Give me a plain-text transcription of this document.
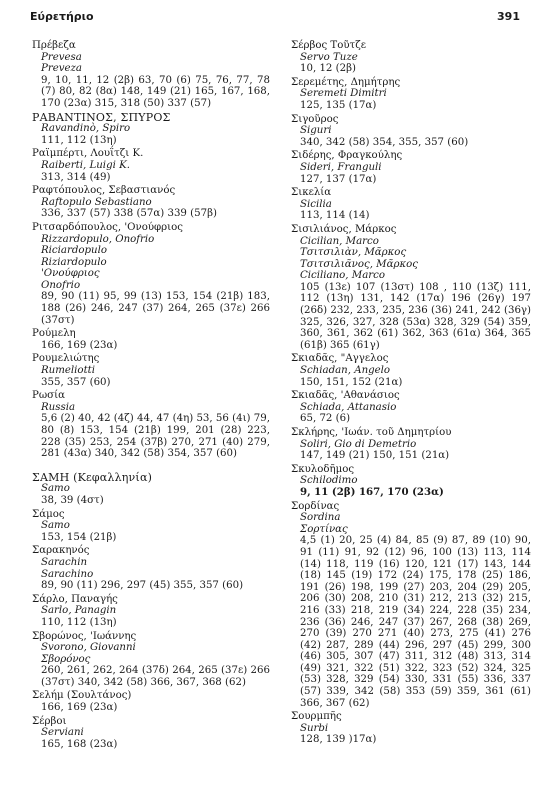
Εύρετήριο	391
Πρέβεζα
Prevesa
Preveza
9, 10, 11, 12 (2β) 63, 70 (6) 75, 76, 77, 78 (7) 80, 82 (8α) 148, 149 (21) 165, 167, 168, 170 (23α) 315, 318 (50) 337 (57)
ΡΑΒΑΝΤΙΝΟΣ, ΣΠΥΡΟΣ
Ravandinò, Spiro
111, 112 (13η)
Ραϊμπέρτι, Λουΐτζι Κ.
Raiberti, Luigi K.
313, 314 (49)
Ραφτόπουλος, Σεβαστιανός
Raftopulo Sebastiano
336, 337 (57) 338 (57α) 339 (57β)
Ριτσαρδόπουλος, 'Ονούφριος
Rizzardopulo, Onofrio
Riciardopulo
Riziardopulo
'Ονούφριος
Onofrio
89, 90 (11) 95, 99 (13) 153, 154 (21β) 183, 188 (26) 246, 247 (37) 264, 265 (37ε) 266 (37στ)
Ρούμελη
166, 169 (23α)
Ρουμελιώτης
Rumeliotti
355, 357 (60)
Ρωσία
Russia
5,6 (2) 40, 42 (4ζ) 44, 47 (4η) 53, 56 (4ι) 79, 80 (8) 153, 154 (21β) 199, 201 (28) 223, 228 (35) 253, 254 (37β) 270, 271 (40) 279, 281 (43α) 340, 342 (58) 354, 357 (60)
ΣΑΜΗ (Κεφαλληνία)
Samo
38, 39 (4στ)
Σάμος
Samo
153, 154 (21β)
Σαρακηνός
Sarachin
Sarachino
89, 90 (11) 296, 297 (45) 355, 357 (60)
Σάρλο, Παναγής
Sarlo, Panagin
110, 112 (13η)
Σβορώνος, 'Ιωάννης
Svorono, Giovanni
Σβορόνος
260, 261, 262, 264 (37δ) 264, 265 (37ε) 266 (37στ) 340, 342 (58) 366, 367, 368 (62)
Σελήμ (Σουλτάνος)
166, 169 (23α)
Σέρβοι
Serviani
165, 168 (23α)
Σέρβος Τοῦτζε
Servo Tuze
10, 12 (2β)
Σερεμέτης, Δημήτρης
Seremeti Dimitri
125, 135 (17α)
Σιγοῦρος
Siguri
340, 342 (58) 354, 355, 357 (60)
Σιδέρης, Φραγκούλης
Sideri, Franguli
127, 137 (17α)
Σικελία
Sicilia
113, 114 (14)
Σισιλιάνος, Μάρκος
Cicilian, Marco
Τσιτσιλιὰν, Μᾶρκος
Τσιτσιλιᾶνος, Μᾶρκος
Ciciliano, Marco
105 (13ε) 107 (13στ) 108 , 110 (13ζ) 111, 112 (13η) 131, 142 (17α) 196 (26γ) 197 (26δ) 232, 233, 235, 236 (36) 241, 242 (36γ) 325, 326, 327, 328 (53α) 328, 329 (54) 359, 360, 361, 362 (61) 362, 363 (61α) 364, 365 (61β) 365 (61γ)
Σκιαδᾶς, "Αγγελος
Schiadan, Angelo
150, 151, 152 (21α)
Σκιαδᾶς, 'Αθανάσιος
Schiada, Attanasio
65, 72 (6)
Σκλήρης, 'Ιωάν. τοῦ Δημητρίου
Soliri, Gio di Demetrio
147, 149 (21) 150, 151 (21α)
Σκυλοδῆμος
Schilodimo
9, 11 (2β) 167, 170 (23α)
Σορδίνας
Sordina
Σορτίνας
4,5 (1) 20, 25 (4) 84, 85 (9) 87, 89 (10) 90, 91 (11) 91, 92 (12) 96, 100 (13) 113, 114 (14) 118, 119 (16) 120, 121 (17) 143, 144 (18) 145 (19) 172 (24) 175, 178 (25) 186, 191 (26) 198, 199 (27) 203, 204 (29) 205, 206 (30) 208, 210 (31) 212, 213 (32) 215, 216 (33) 218, 219 (34) 224, 228 (35) 234, 236 (36) 246, 247 (37) 267, 268 (38) 269, 270 (39) 270 271 (40) 273, 275 (41) 276 (42) 287, 289 (44) 296, 297 (45) 299, 300 (46) 305, 307 (47) 311, 312 (48) 313, 314 (49) 321, 322 (51) 322, 323 (52) 324, 325 (53) 328, 329 (54) 330, 331 (55) 336, 337 (57) 339, 342 (58) 353 (59) 359, 361 (61) 366, 367 (62)
Σουρμπῆς
Surbi
128, 139 )17α)
